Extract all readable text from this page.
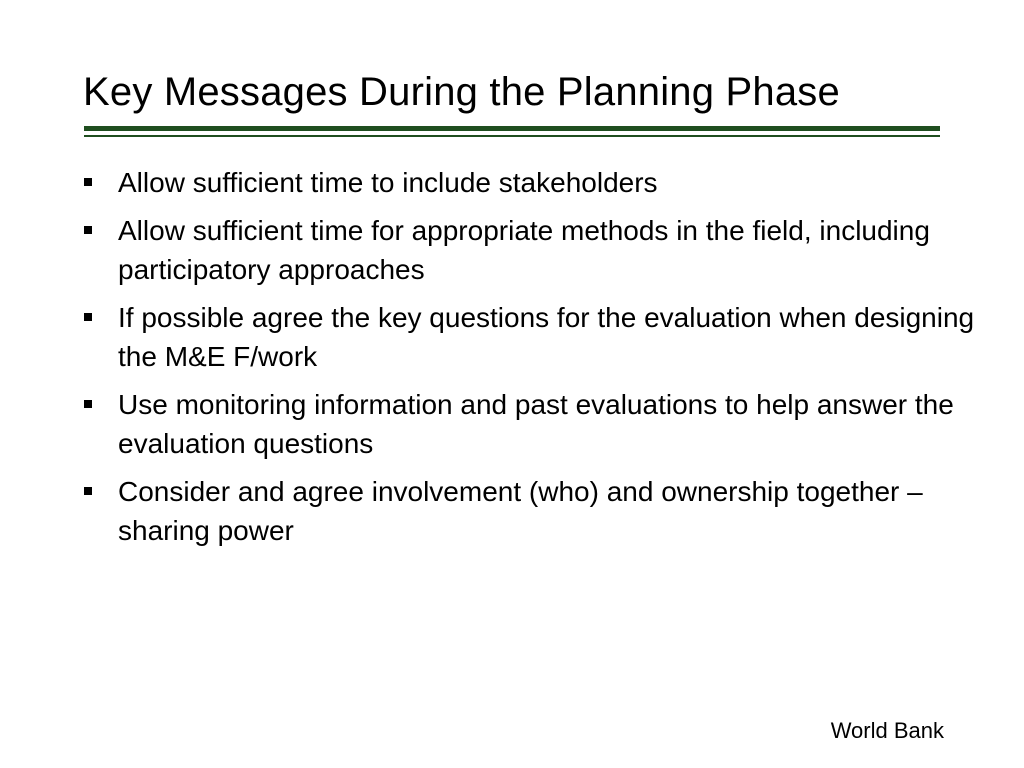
Key Messages During the Planning Phase
Allow sufficient time to include stakeholders
Allow sufficient time for appropriate methods in the field, including participatory approaches
If possible agree the key questions for the evaluation when designing the M&E F/work
Use monitoring information and past evaluations to help answer the evaluation questions
Consider and agree involvement (who) and ownership together – sharing power
World Bank
